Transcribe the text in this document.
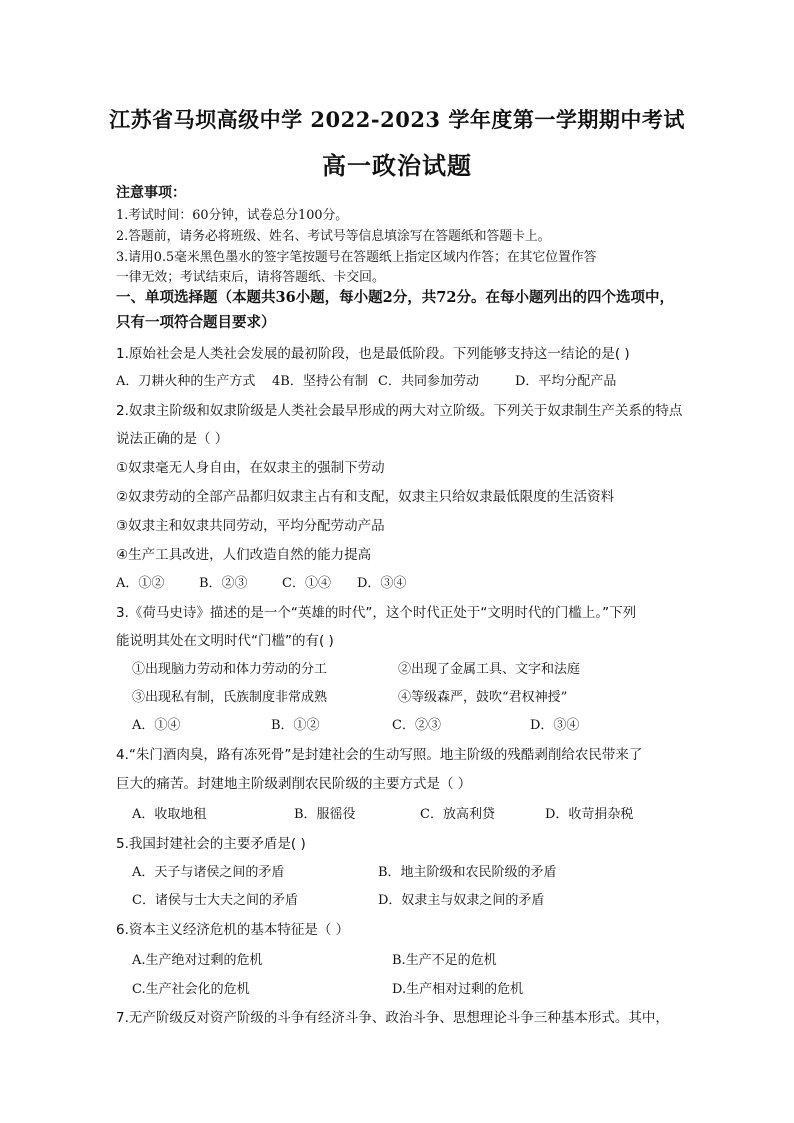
江苏省马坝高级中学 2022-2023 学年度第一学期期中考试
高一政治试题
注意事项：
1.考试时间：60分钟，试卷总分100分。
2.答题前，请务必将班级、姓名、考试号等信息填涂写在答题纸和答题卡上。
3.请用0.5毫米黑色墨水的签字笔按题号在答题纸上指定区域内作答；在其它位置作答
一律无效；考试结束后，请将答题纸、卡交回。
一、单项选择题（本题共36小题，每小题2分，共72分。在每小题列出的四个选项中，
只有一项符合题目要求）
1.原始社会是人类社会发展的最初阶段，也是最低阶段。下列能够支持这一结论的是( )
A．刀耕火种的生产方式 4B．坚持公有制 C．共同参加劳动	D．平均分配产品
2.奴隶主阶级和奴隶阶级是人类社会最早形成的两大对立阶级。下列关于奴隶制生产关系的特点
说法正确的是（ ）
①奴隶毫无人身自由，在奴隶主的强制下劳动
②奴隶劳动的全部产品都归奴隶主占有和支配，奴隶主只给奴隶最低限度的生活资料
③奴隶主和奴隶共同劳动，平均分配劳动产品
④生产工具改进，人们改造自然的能力提高
A．①②	B．②③	C．①④ D．③④
3.《荷马史诗》描述的是一个“英雄的时代”，这个时代正处于“文明时代的门槛上。”下列
能说明其处在文明时代“门槛”的有( )
①出现脑力劳动和体力劳动的分工	②出现了金属工具、文字和法庭
③出现私有制，氏族制度非常成熟	④等级森严，鼓吹“君权神授”
A．①④	B．①②	C．②③	D．③④
4.“朱门酒肉臭，路有冻死骨”是封建社会的生动写照。地主阶级的残酷剥削给农民带来了
巨大的痛苦。封建地主阶级剥削农民阶级的主要方式是（ ）
A．收取地租	B．服徭役	C．放高利贷	D．收苛捐杂税
5.我国封建社会的主要矛盾是( )
A．天子与诸侯之间的矛盾	B．地主阶级和农民阶级的矛盾
C．诸侯与士大夫之间的矛盾	D．奴隶主与奴隶之间的矛盾
6.资本主义经济危机的基本特征是（ ）
A.生产绝对过剩的危机	B.生产不足的危机
C.生产社会化的危机	D.生产相对过剩的危机
7.无产阶级反对资产阶级的斗争有经济斗争、政治斗争、思想理论斗争三种基本形式。其中，
